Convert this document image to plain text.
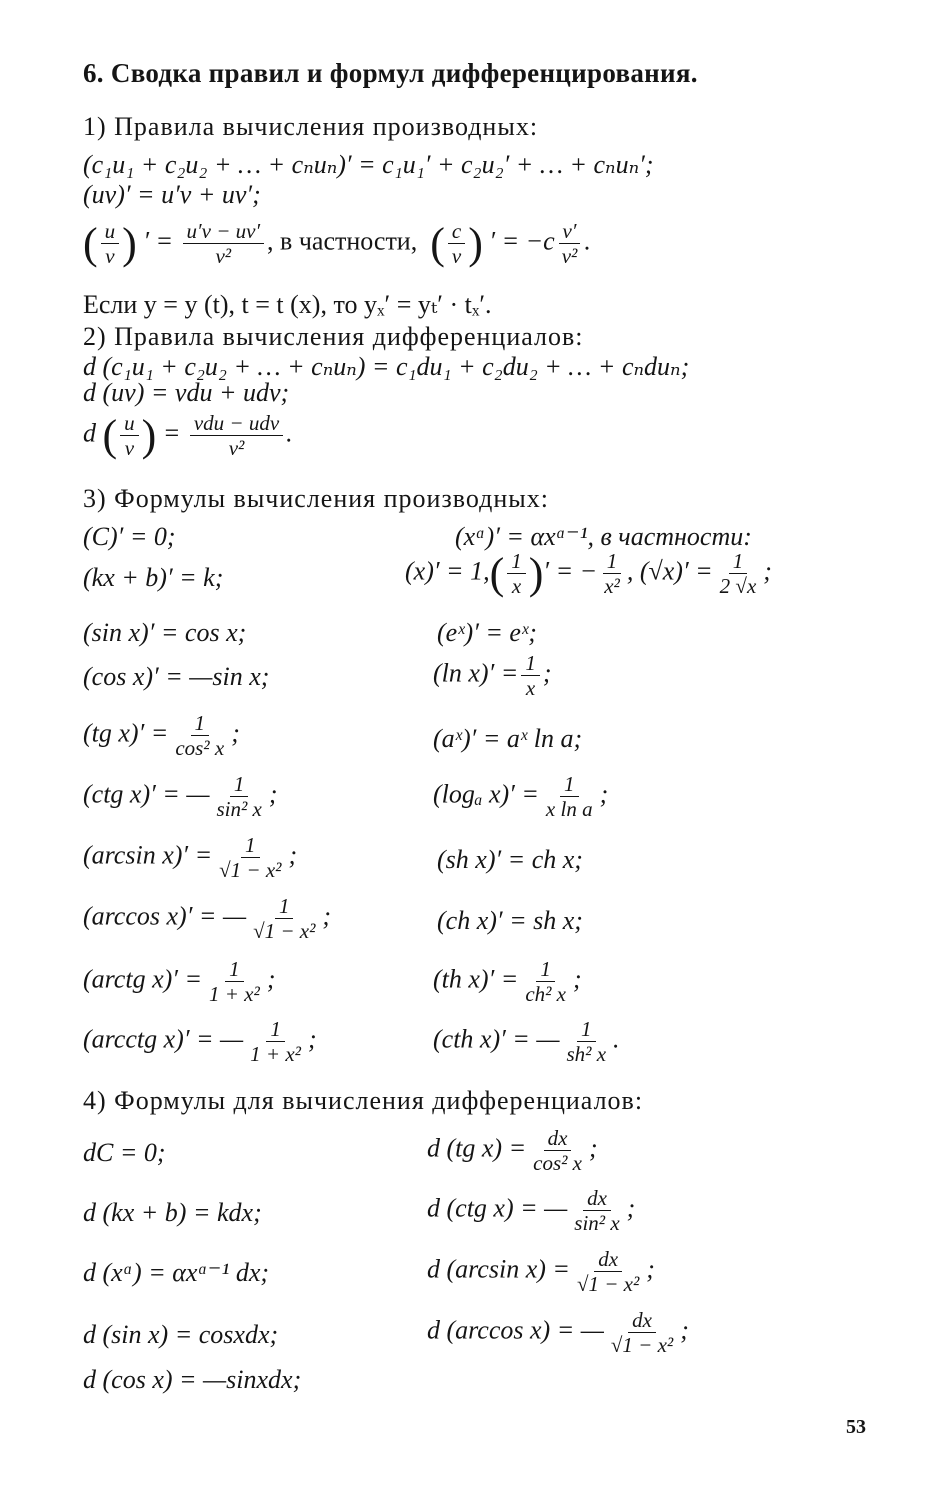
6. Сводка правил и формул дифференцирования.
1) Правила вычисления производных:
(c₁u₁ + c₂u₂ + … + cₙuₙ)′ = c₁u₁′ + c₂u₂′ + … + cₙuₙ′;
(uv)′ = u′v + uv′;
( $\frac{u}{v}$ ) ′ = $\frac{u'v - uv'}{\text{v²}}$ , в частности, ( $\frac{c}{v}$ ) ′ = $-c \frac{v'}{\text{v²}}$ .
Если y = y (t), t = t (x), то yₓ′ = yₜ′ · tₓ′.
2) Правила вычисления дифференциалов:
d (c₁u₁ + c₂u₂ + … + cₙuₙ) = c₁du₁ + c₂du₂ + … + cₙduₙ;
d (uv) = vdu + udv;
d ( $\frac{u}{v}$ ) = $\frac{\text{vdu − udv}}{\text{v²}}$ .
3) Формулы вычисления производных:
(C)′ = 0;	(xᵅ)′ = αxᵅ⁻¹, в частности:
(kx + b)′ = k;	$(x)' = 1,( \frac{1}{x}$ )′ = − $\frac{1}{\text{x²}}$ , $(√x)' = \frac{1}{2 √x}$ ;
(sin x)′ = cos x;	(eˣ)′ = eˣ;
(cos x)′ = —sin x;	(ln $x)' = \frac{1}{x}$ ;
(tg $x)' = \frac{1}{\text{cos² x}}$ ;	(aˣ)′ = aˣ ln a;
(ctg x)′ = — $\frac{1}{\text{sin² x}}$ ;	(logₐ $x)' = \frac{1}{\text{x ln a}}$ ;
(arcsin $x)' = \frac{1}{\text{√1 − x²}}$ ;	(sh x)′ = ch x;
(arccos x)′ = — $\frac{1}{\text{√1 − x²}}$ ;	(ch x)′ = sh x;
(arctg $x)' = \frac{1}{\text{1 + x²}}$ ;	(th $x)' = \frac{1}{\text{ch² x}}$ ;
(arcctg x)′ = — $\frac{1}{\text{1 + x²}}$ ;	(cth x)′ = — $\frac{1}{\text{sh² x}}$ .
4) Формулы для вычисления дифференциалов:
dC = 0;	d (tg $x) = \frac{dx}{\text{cos² x}}$ ;
d (kx + b) = kdx;	d (ctg x) = — $\frac{dx}{\text{sin² x}}$ ;
d (xᵅ) = αxᵅ⁻¹ dx;	d (arcsin $x) = \frac{dx}{\text{√1 − x²}}$ ;
d (sin x) = cosxdx;	d (arccos x) = — $\frac{dx}{\text{√1 − x²}}$ ;
d (cos x) = —sinxdx;
53
